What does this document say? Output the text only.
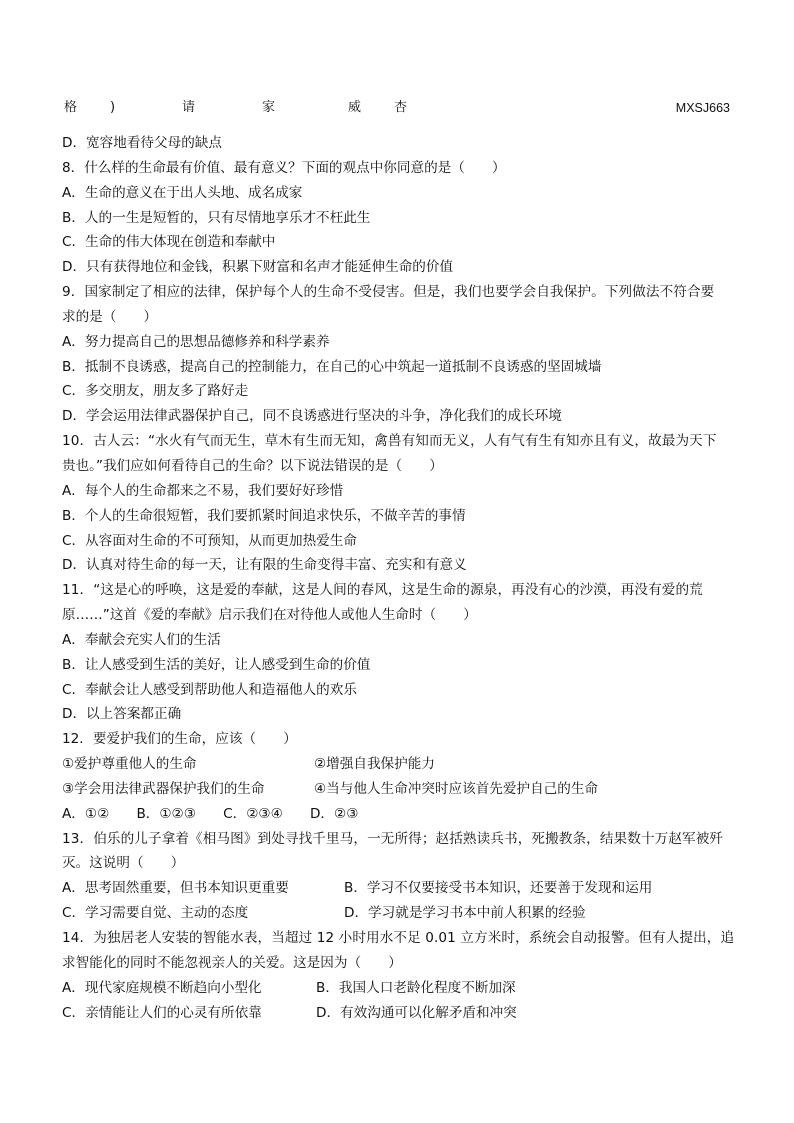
格	)	请	家	威	杏	MXSJ663
D．宽容地看待父母的缺点
8．什么样的生命最有价值、最有意义？下面的观点中你同意的是（　　）
A．生命的意义在于出人头地、成名成家
B．人的一生是短暂的，只有尽情地享乐才不枉此生
C．生命的伟大体现在创造和奉献中
D．只有获得地位和金钱，积累下财富和名声才能延伸生命的价值
9．国家制定了相应的法律，保护每个人的生命不受侵害。但是，我们也要学会自我保护。下列做法不符合要
求的是（　　）
A．努力提高自己的思想品德修养和科学素养
B．抵制不良诱惑，提高自己的控制能力，在自己的心中筑起一道抵制不良诱惑的坚固城墙
C．多交朋友，朋友多了路好走
D．学会运用法律武器保护自己，同不良诱惑进行坚决的斗争，净化我们的成长环境
10．古人云：“水火有气而无生，草木有生而无知，禽兽有知而无义，人有气有生有知亦且有义，故最为天下
贵也。”我们应如何看待自己的生命？以下说法错误的是（　　）
A．每个人的生命都来之不易，我们要好好珍惜
B．个人的生命很短暂，我们要抓紧时间追求快乐，不做辛苦的事情
C．从容面对生命的不可预知，从而更加热爱生命
D．认真对待生命的每一天，让有限的生命变得丰富、充实和有意义
11．“这是心的呼唤，这是爱的奉献，这是人间的春风，这是生命的源泉，再没有心的沙漠，再没有爱的荒
原……”这首《爱的奉献》启示我们在对待他人或他人生命时（　　）
A．奉献会充实人们的生活
B．让人感受到生活的美好，让人感受到生命的价值
C．奉献会让人感受到帮助他人和造福他人的欢乐
D．以上答案都正确
12．要爱护我们的生命，应该（　　）
①爱护尊重他人的生命	②增强自我保护能力
③学会用法律武器保护我们的生命	④当与他人生命冲突时应该首先爱护自己的生命
A．①②　　B．①②③　　C．②③④　　D．②③
13．伯乐的儿子拿着《相马图》到处寻找千里马，一无所得；赵括熟读兵书，死搬教条，结果数十万赵军被歼
灭。这说明（　　）
A．思考固然重要，但书本知识更重要	B．学习不仅要接受书本知识，还要善于发现和运用
C．学习需要自觉、主动的态度	D．学习就是学习书本中前人积累的经验
14．为独居老人安装的智能水表，当超过 12 小时用水不足 0.01 立方米时，系统会自动报警。但有人提出，追
求智能化的同时不能忽视亲人的关爱。这是因为（　　）
A．现代家庭规模不断趋向小型化	B．我国人口老龄化程度不断加深
C．亲情能让人们的心灵有所依靠	D．有效沟通可以化解矛盾和冲突
